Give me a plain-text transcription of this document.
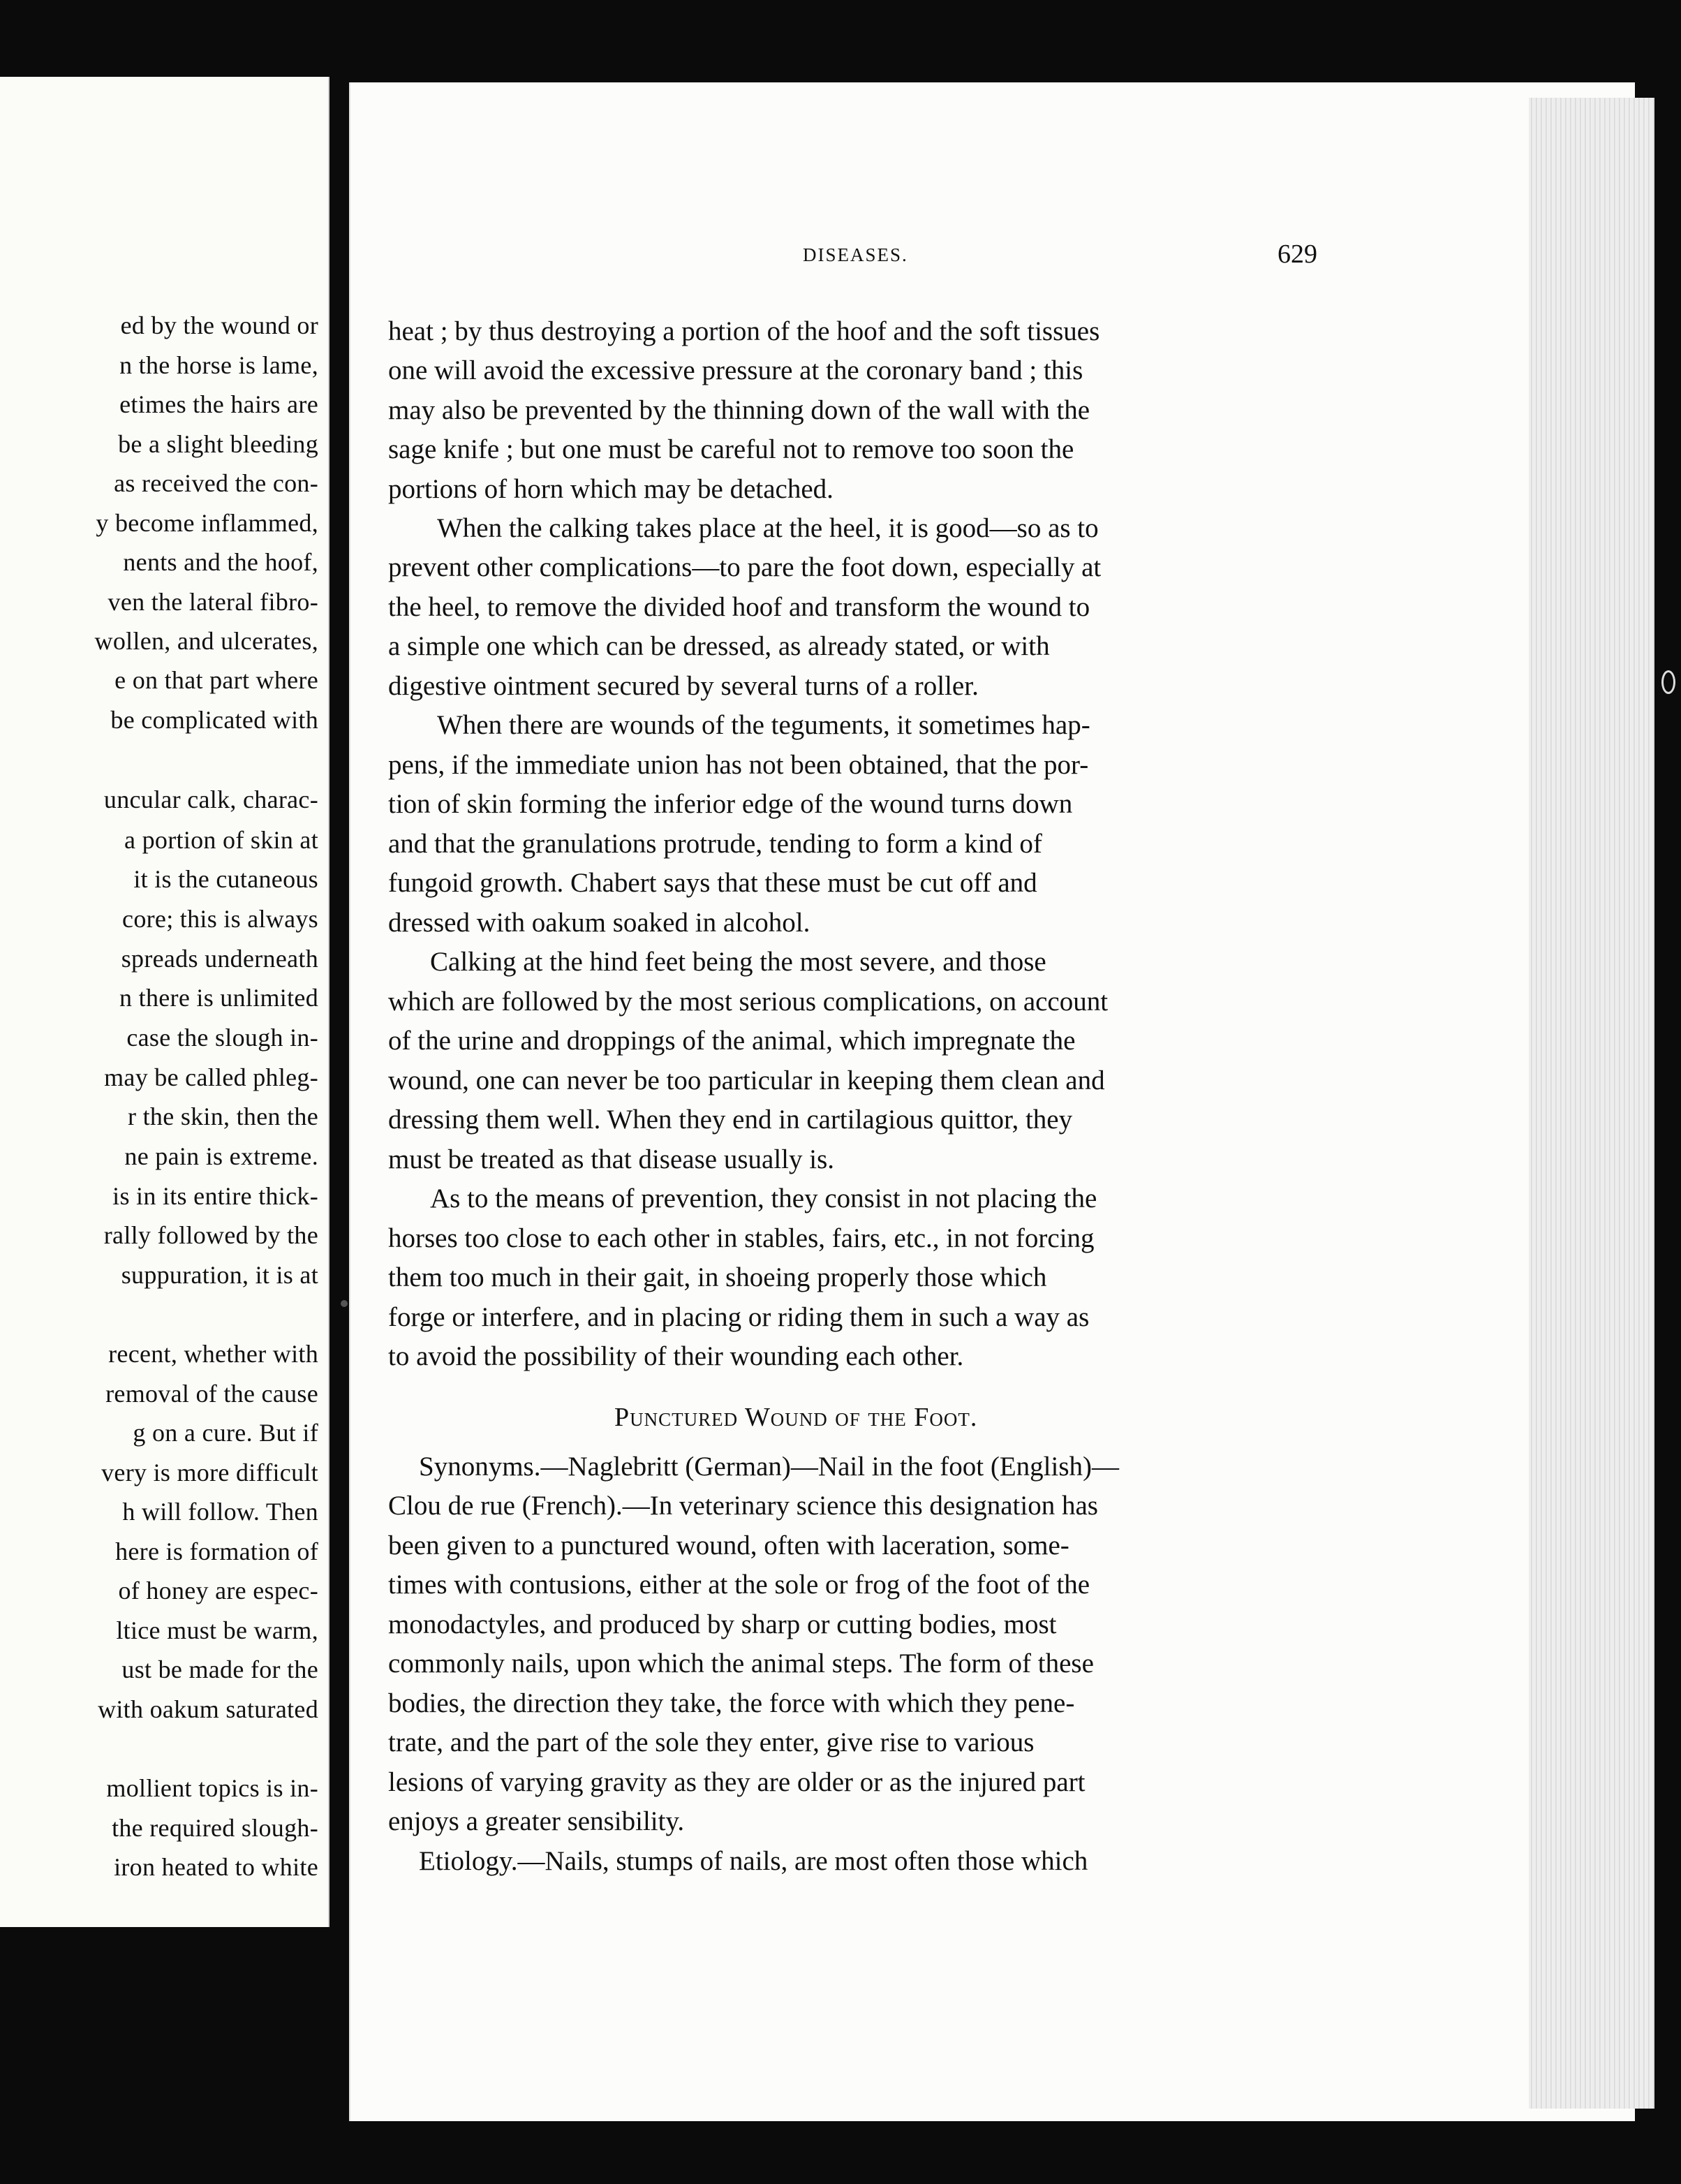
ed by the wound or
n the horse is lame,
etimes the hairs are
be a slight bleeding
as received the con-
y become inflammed,
nents and the hoof,
ven the lateral fibro-
wollen, and ulcerates,
e on that part where
be complicated with
uncular calk, charac-
a portion of skin at
it is the cutaneous
core; this is always
spreads underneath
n there is unlimited
case the slough in-
may be called phleg-
r the skin, then the
ne pain is extreme.
is in its entire thick-
rally followed by the
suppuration, it is at
recent, whether with
removal of the cause
g on a cure. But if
very is more difficult
h will follow. Then
here is formation of
of honey are espec-
ltice must be warm,
ust be made for the
with oakum saturated
mollient topics is in-
the required slough-
iron heated to white
DISEASES.	629
heat ; by thus destroying a portion of the hoof and the soft tissues
one will avoid the excessive pressure at the coronary band ; this
may also be prevented by the thinning down of the wall with the
sage knife ; but one must be careful not to remove too soon the
portions of horn which may be detached.
When the calking takes place at the heel, it is good—so as to
prevent other complications—to pare the foot down, especially at
the heel, to remove the divided hoof and transform the wound to
a simple one which can be dressed, as already stated, or with
digestive ointment secured by several turns of a roller.
When there are wounds of the teguments, it sometimes hap-
pens, if the immediate union has not been obtained, that the por-
tion of skin forming the inferior edge of the wound turns down
and that the granulations protrude, tending to form a kind of
fungoid growth. Chabert says that these must be cut off and
dressed with oakum soaked in alcohol.
Calking at the hind feet being the most severe, and those
which are followed by the most serious complications, on account
of the urine and droppings of the animal, which impregnate the
wound, one can never be too particular in keeping them clean and
dressing them well. When they end in cartilagious quittor, they
must be treated as that disease usually is.
As to the means of prevention, they consist in not placing the
horses too close to each other in stables, fairs, etc., in not forcing
them too much in their gait, in shoeing properly those which
forge or interfere, and in placing or riding them in such a way as
to avoid the possibility of their wounding each other.
Punctured Wound of the Foot.
Synonyms.—Naglebritt (German)—Nail in the foot (English)—
Clou de rue (French).—In veterinary science this designation has
been given to a punctured wound, often with laceration, some-
times with contusions, either at the sole or frog of the foot of the
monodactyles, and produced by sharp or cutting bodies, most
commonly nails, upon which the animal steps. The form of these
bodies, the direction they take, the force with which they pene-
trate, and the part of the sole they enter, give rise to various
lesions of varying gravity as they are older or as the injured part
enjoys a greater sensibility.
Etiology.—Nails, stumps of nails, are most often those which
